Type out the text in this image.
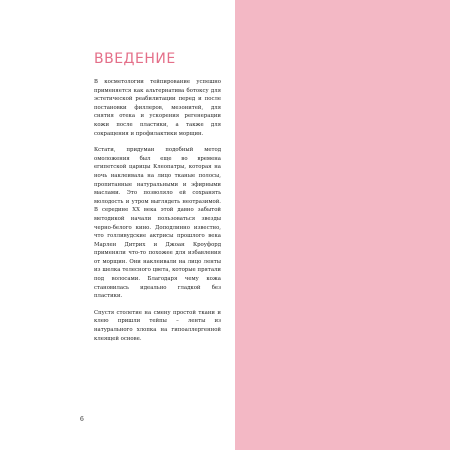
ВВЕДЕНИЕ

В косметологии тейпирование успешно применяется как альтернатива ботоксу для эстетической реабилитации перед и после постановки филлеров, мезонитей, для снятия отека и ускорения регенерации кожи после пластики, а также для сокращения и профилактики морщин.

Кстати, придуман подобный метод омоложения был еще во времена египетской царицы Клеопатры, которая на ночь наклеивала на лицо тканые полосы, пропитанные натуральными и эфирными маслами. Это позволяло ей сохранять молодость и утром выглядеть неотразимой. В середине XX века этой давно забытой методикой начали пользоваться звезды черно-белого кино. Доподлинно известно, что голливудские актрисы прошлого века Марлен Дитрих и Джоан Кроуфорд применяли что-то похожее для избавления от морщин. Они наклеивали на лицо ленты из шелка телесного цвета, которые прятали под волосами. Благодаря чему кожа становилась идеально гладкой без пластики.

Спустя столетие на смену простой ткани и клею пришли тейпы – ленты из натурального хлопка на гипоаллергенной клеящей основе.

6
